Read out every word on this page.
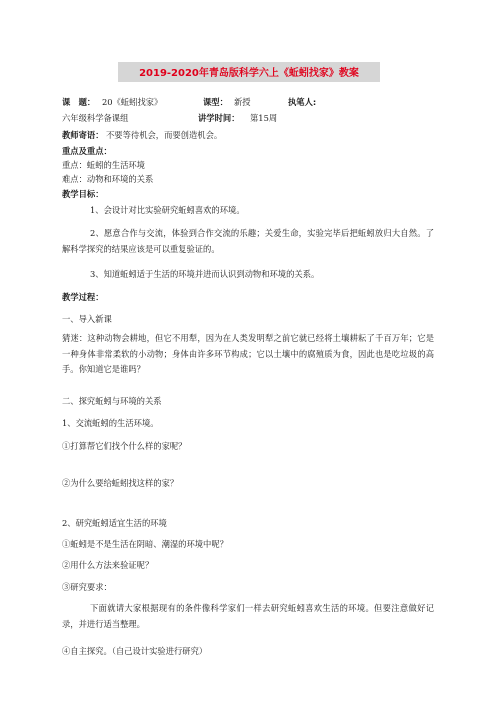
2019-2020年青岛版科学六上《蚯蚓找家》教案
课　题： 20《蚯蚓找家》	课型： 新授	执笔人:
六年级科学备课组	讲学时间： 第15周
教师寄语： 不要等待机会，而要创造机会。
重点及重点：
重点：蚯蚓的生活环境
难点：动物和环境的关系
教学目标：
1、会设计对比实验研究蚯蚓喜欢的环境。
2、愿意合作与交流，体验到合作交流的乐趣；关爱生命，实验完毕后把蚯蚓放归大自然。了解科学探究的结果应该是可以重复验证的。
3、知道蚯蚓适于生活的环境并进而认识到动物和环境的关系。
教学过程：
一、导入新课
猜迷：这种动物会耕地，但它不用犁，因为在人类发明犁之前它就已经将土壤耕耘了千百万年；它是一种身体非常柔软的小动物；身体由许多环节构成；它以土壤中的腐殖质为食，因此也是吃垃圾的高手。你知道它是谁吗？
二、探究蚯蚓与环境的关系
1、交流蚯蚓的生活环境。
①打算帮它们找个什么样的家呢？
②为什么要给蚯蚓找这样的家？
2、研究蚯蚓适宜生活的环境
①蚯蚓是不是生活在阴暗、潮湿的环境中呢？
②用什么方法来验证呢？
③研究要求：
下面就请大家根据现有的条件像科学家们一样去研究蚯蚓喜欢生活的环境。但要注意做好记录，并进行适当整理。
④自主探究。（自己设计实验进行研究）
